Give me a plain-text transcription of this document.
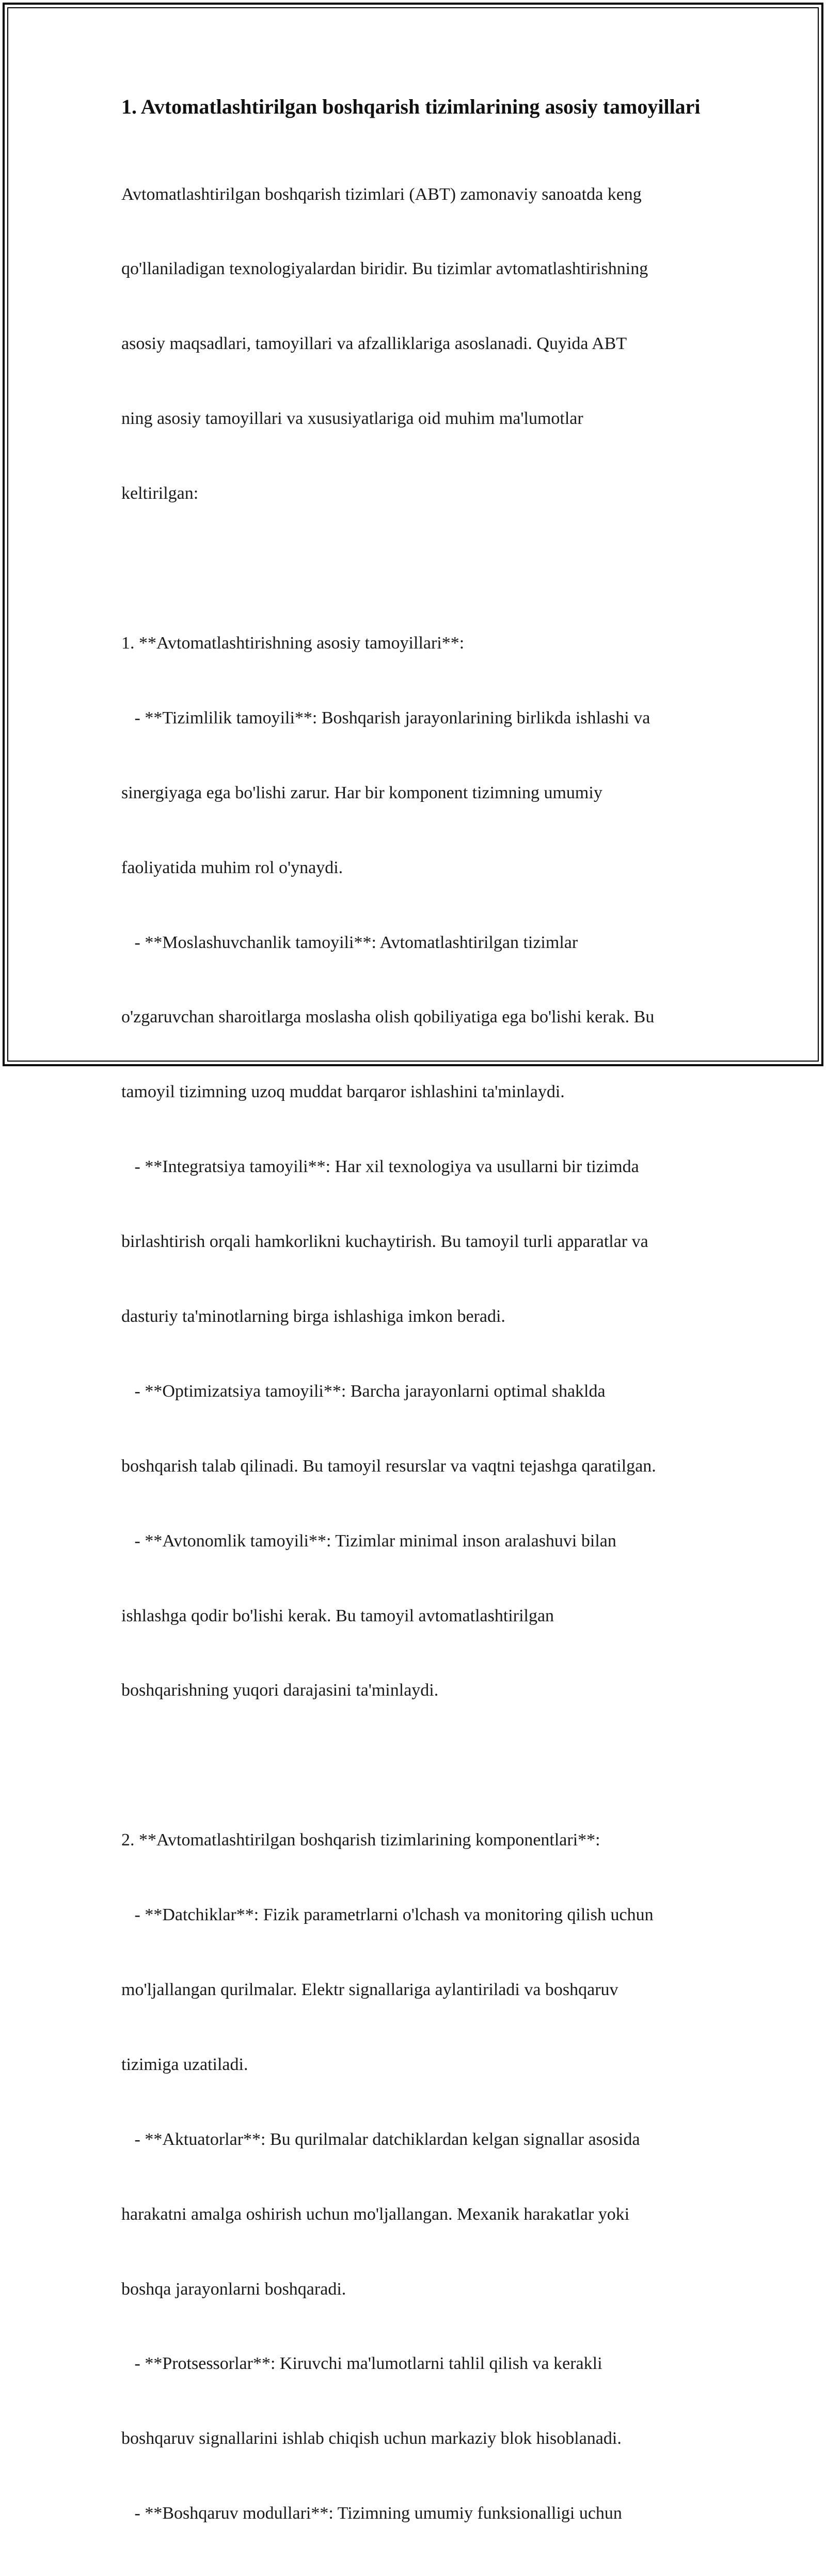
1. Avtomatlashtirilgan boshqarish tizimlarining asosiy tamoyillari

Avtomatlashtirilgan boshqarish tizimlari (ABT) zamonaviy sanoatda keng

qo'llaniladigan texnologiyalardan biridir. Bu tizimlar avtomatlashtirishning

asosiy maqsadlari, tamoyillari va afzalliklariga asoslanadi. Quyida ABT

ning asosiy tamoyillari va xususiyatlariga oid muhim ma'lumotlar

keltirilgan:

1. **Avtomatlashtirishning asosiy tamoyillari**:

- **Tizimlilik tamoyili**: Boshqarish jarayonlarining birlikda ishlashi va

sinergiyaga ega bo'lishi zarur. Har bir komponent tizimning umumiy

faoliyatida muhim rol o'ynaydi.

- **Moslashuvchanlik tamoyili**: Avtomatlashtirilgan tizimlar

o'zgaruvchan sharoitlarga moslasha olish qobiliyatiga ega bo'lishi kerak. Bu

tamoyil tizimning uzoq muddat barqaror ishlashini ta'minlaydi.

- **Integratsiya tamoyili**: Har xil texnologiya va usullarni bir tizimda

birlashtirish orqali hamkorlikni kuchaytirish. Bu tamoyil turli apparatlar va

dasturiy ta'minotlarning birga ishlashiga imkon beradi.

- **Optimizatsiya tamoyili**: Barcha jarayonlarni optimal shaklda

boshqarish talab qilinadi. Bu tamoyil resurslar va vaqtni tejashga qaratilgan.

- **Avtonomlik tamoyili**: Tizimlar minimal inson aralashuvi bilan

ishlashga qodir bo'lishi kerak. Bu tamoyil avtomatlashtirilgan

boshqarishning yuqori darajasini ta'minlaydi.

2. **Avtomatlashtirilgan boshqarish tizimlarining komponentlari**:

- **Datchiklar**: Fizik parametrlarni o'lchash va monitoring qilish uchun

mo'ljallangan qurilmalar. Elektr signallariga aylantiriladi va boshqaruv

tizimiga uzatiladi.

- **Aktuatorlar**: Bu qurilmalar datchiklardan kelgan signallar asosida

harakatni amalga oshirish uchun mo'ljallangan. Mexanik harakatlar yoki

boshqa jarayonlarni boshqaradi.

- **Protsessorlar**: Kiruvchi ma'lumotlarni tahlil qilish va kerakli

boshqaruv signallarini ishlab chiqish uchun markaziy blok hisoblanadi.

- **Boshqaruv modullari**: Tizimning umumiy funksionalligi uchun
